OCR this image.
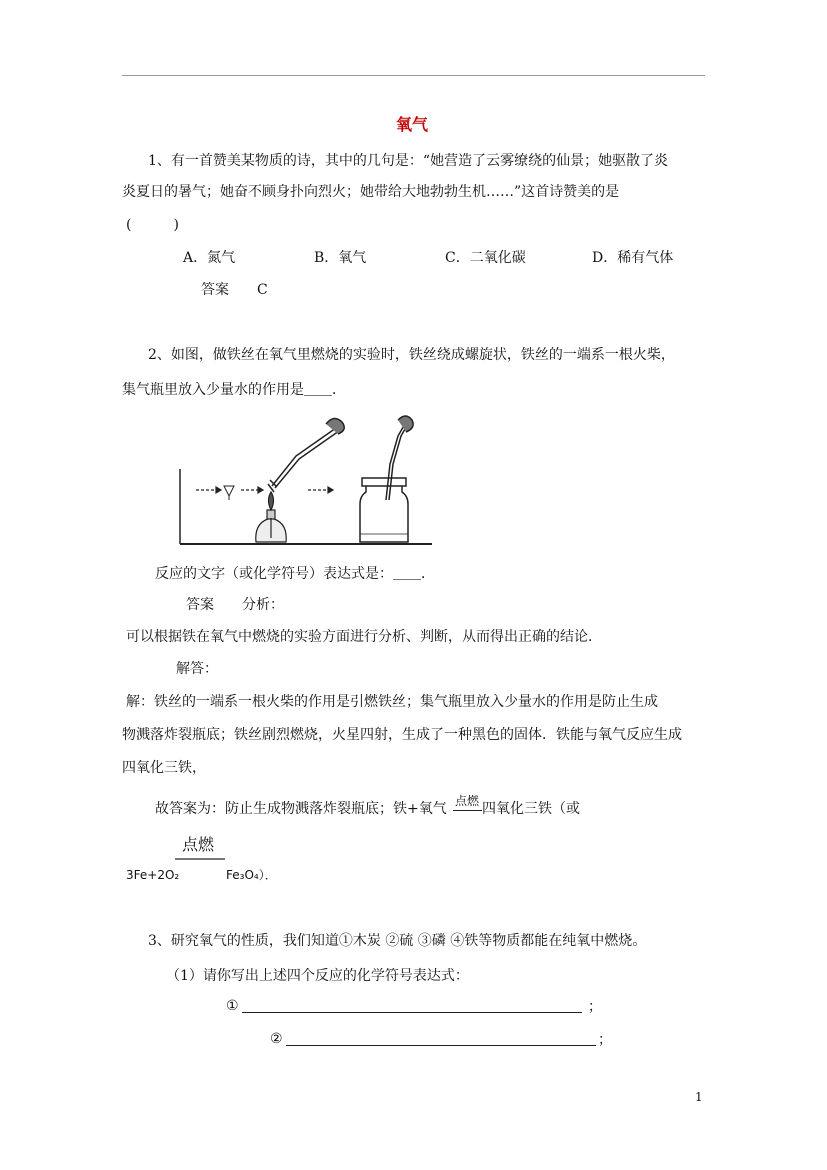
氧气
1、有一首赞美某物质的诗，其中的几句是：“她营造了云雾缭绕的仙景；她驱散了炎
炎夏日的暑气；她奋不顾身扑向烈火；她带给大地勃勃生机……”这首诗赞美的是
(　　　)
A．氮气	B．氧气	C．二氧化碳	D．稀有气体
答案　　C
2、如图，做铁丝在氧气里燃烧的实验时，铁丝绕成螺旋状，铁丝的一端系一根火柴，
集气瓶里放入少量水的作用是＿＿．
反应的文字（或化学符号）表达式是：＿＿．
答案　　分析：
可以根据铁在氧气中燃烧的实验方面进行分析、判断，从而得出正确的结论．
解答：
解：铁丝的一端系一根火柴的作用是引燃铁丝；集气瓶里放入少量水的作用是防止生成
物溅落炸裂瓶底；铁丝剧烈燃烧，火星四射，生成了一种黑色的固体．铁能与氧气反应生成
四氧化三铁，
故答案为：防止生成物溅落炸裂瓶底；铁+氧气 点燃 四氧化三铁（或
点燃
3Fe+2O₂	Fe₃O₄）．
3、研究氧气的性质，我们知道①木炭 ②硫 ③磷 ④铁等物质都能在纯氧中燃烧。
（1）请你写出上述四个反应的化学符号表达式：
①	；
②	；
1
